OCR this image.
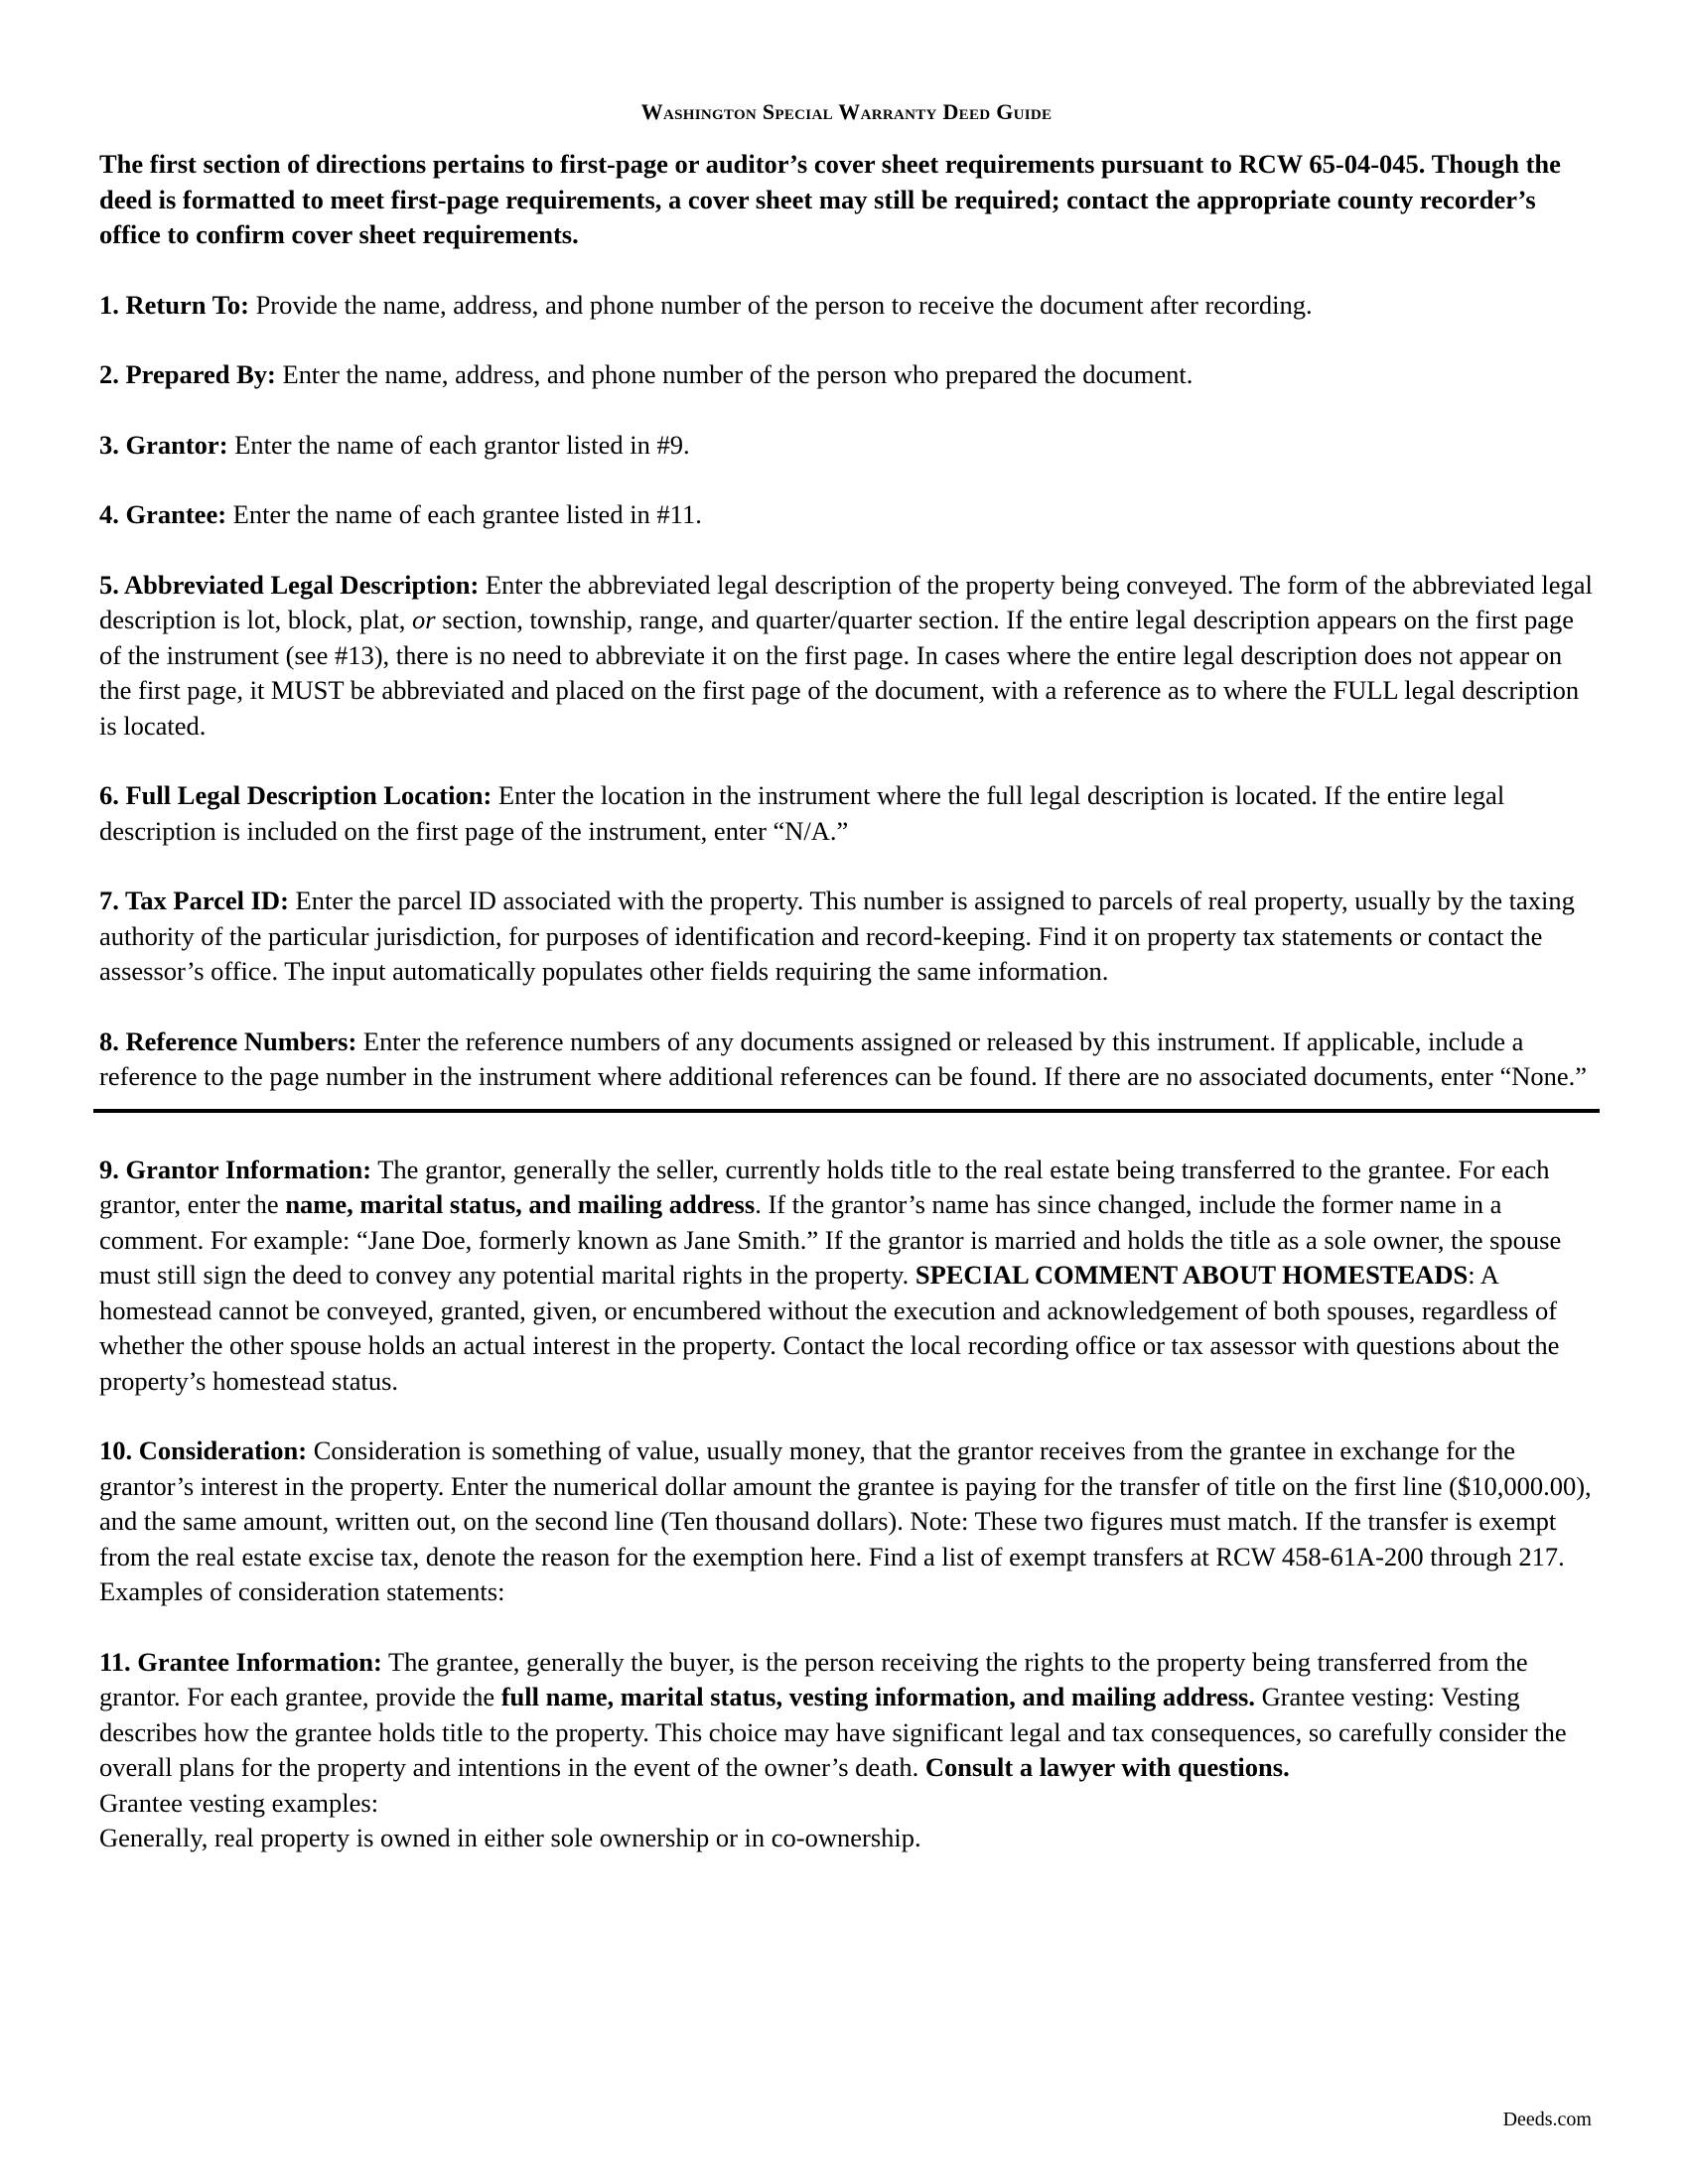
Washington Special Warranty Deed Guide

The first section of directions pertains to first-page or auditor’s cover sheet requirements pursuant to RCW 65-04-045. Though the deed is formatted to meet first-page requirements, a cover sheet may still be required; contact the appropriate county recorder’s office to confirm cover sheet requirements.

1. Return To: Provide the name, address, and phone number of the person to receive the document after recording.

2. Prepared By: Enter the name, address, and phone number of the person who prepared the document.

3. Grantor: Enter the name of each grantor listed in #9.

4. Grantee: Enter the name of each grantee listed in #11.

5. Abbreviated Legal Description: Enter the abbreviated legal description of the property being conveyed. The form of the abbreviated legal description is lot, block, plat, or section, township, range, and quarter/quarter section. If the entire legal description appears on the first page of the instrument (see #13), there is no need to abbreviate it on the first page. In cases where the entire legal description does not appear on the first page, it MUST be abbreviated and placed on the first page of the document, with a reference as to where the FULL legal description is located.

6. Full Legal Description Location: Enter the location in the instrument where the full legal description is located. If the entire legal description is included on the first page of the instrument, enter “N/A.”

7. Tax Parcel ID: Enter the parcel ID associated with the property. This number is assigned to parcels of real property, usually by the taxing authority of the particular jurisdiction, for purposes of identification and record-keeping. Find it on property tax statements or contact the assessor’s office. The input automatically populates other fields requiring the same information.

8. Reference Numbers: Enter the reference numbers of any documents assigned or released by this instrument. If applicable, include a reference to the page number in the instrument where additional references can be found. If there are no associated documents, enter “None.”

9. Grantor Information: The grantor, generally the seller, currently holds title to the real estate being transferred to the grantee. For each grantor, enter the name, marital status, and mailing address. If the grantor’s name has since changed, include the former name in a comment. For example: “Jane Doe, formerly known as Jane Smith.” If the grantor is married and holds the title as a sole owner, the spouse must still sign the deed to convey any potential marital rights in the property. SPECIAL COMMENT ABOUT HOMESTEADS: A homestead cannot be conveyed, granted, given, or encumbered without the execution and acknowledgement of both spouses, regardless of whether the other spouse holds an actual interest in the property. Contact the local recording office or tax assessor with questions about the property’s homestead status.

10. Consideration: Consideration is something of value, usually money, that the grantor receives from the grantee in exchange for the grantor’s interest in the property. Enter the numerical dollar amount the grantee is paying for the transfer of title on the first line ($10,000.00), and the same amount, written out, on the second line (Ten thousand dollars). Note: These two figures must match. If the transfer is exempt from the real estate excise tax, denote the reason for the exemption here. Find a list of exempt transfers at RCW 458-61A-200 through 217.

Examples of consideration statements:

11. Grantee Information: The grantee, generally the buyer, is the person receiving the rights to the property being transferred from the grantor. For each grantee, provide the full name, marital status, vesting information, and mailing address. Grantee vesting: Vesting describes how the grantee holds title to the property. This choice may have significant legal and tax consequences, so carefully consider the overall plans for the property and intentions in the event of the owner’s death. Consult a lawyer with questions.

Grantee vesting examples:

Generally, real property is owned in either sole ownership or in co-ownership.

Deeds.com
